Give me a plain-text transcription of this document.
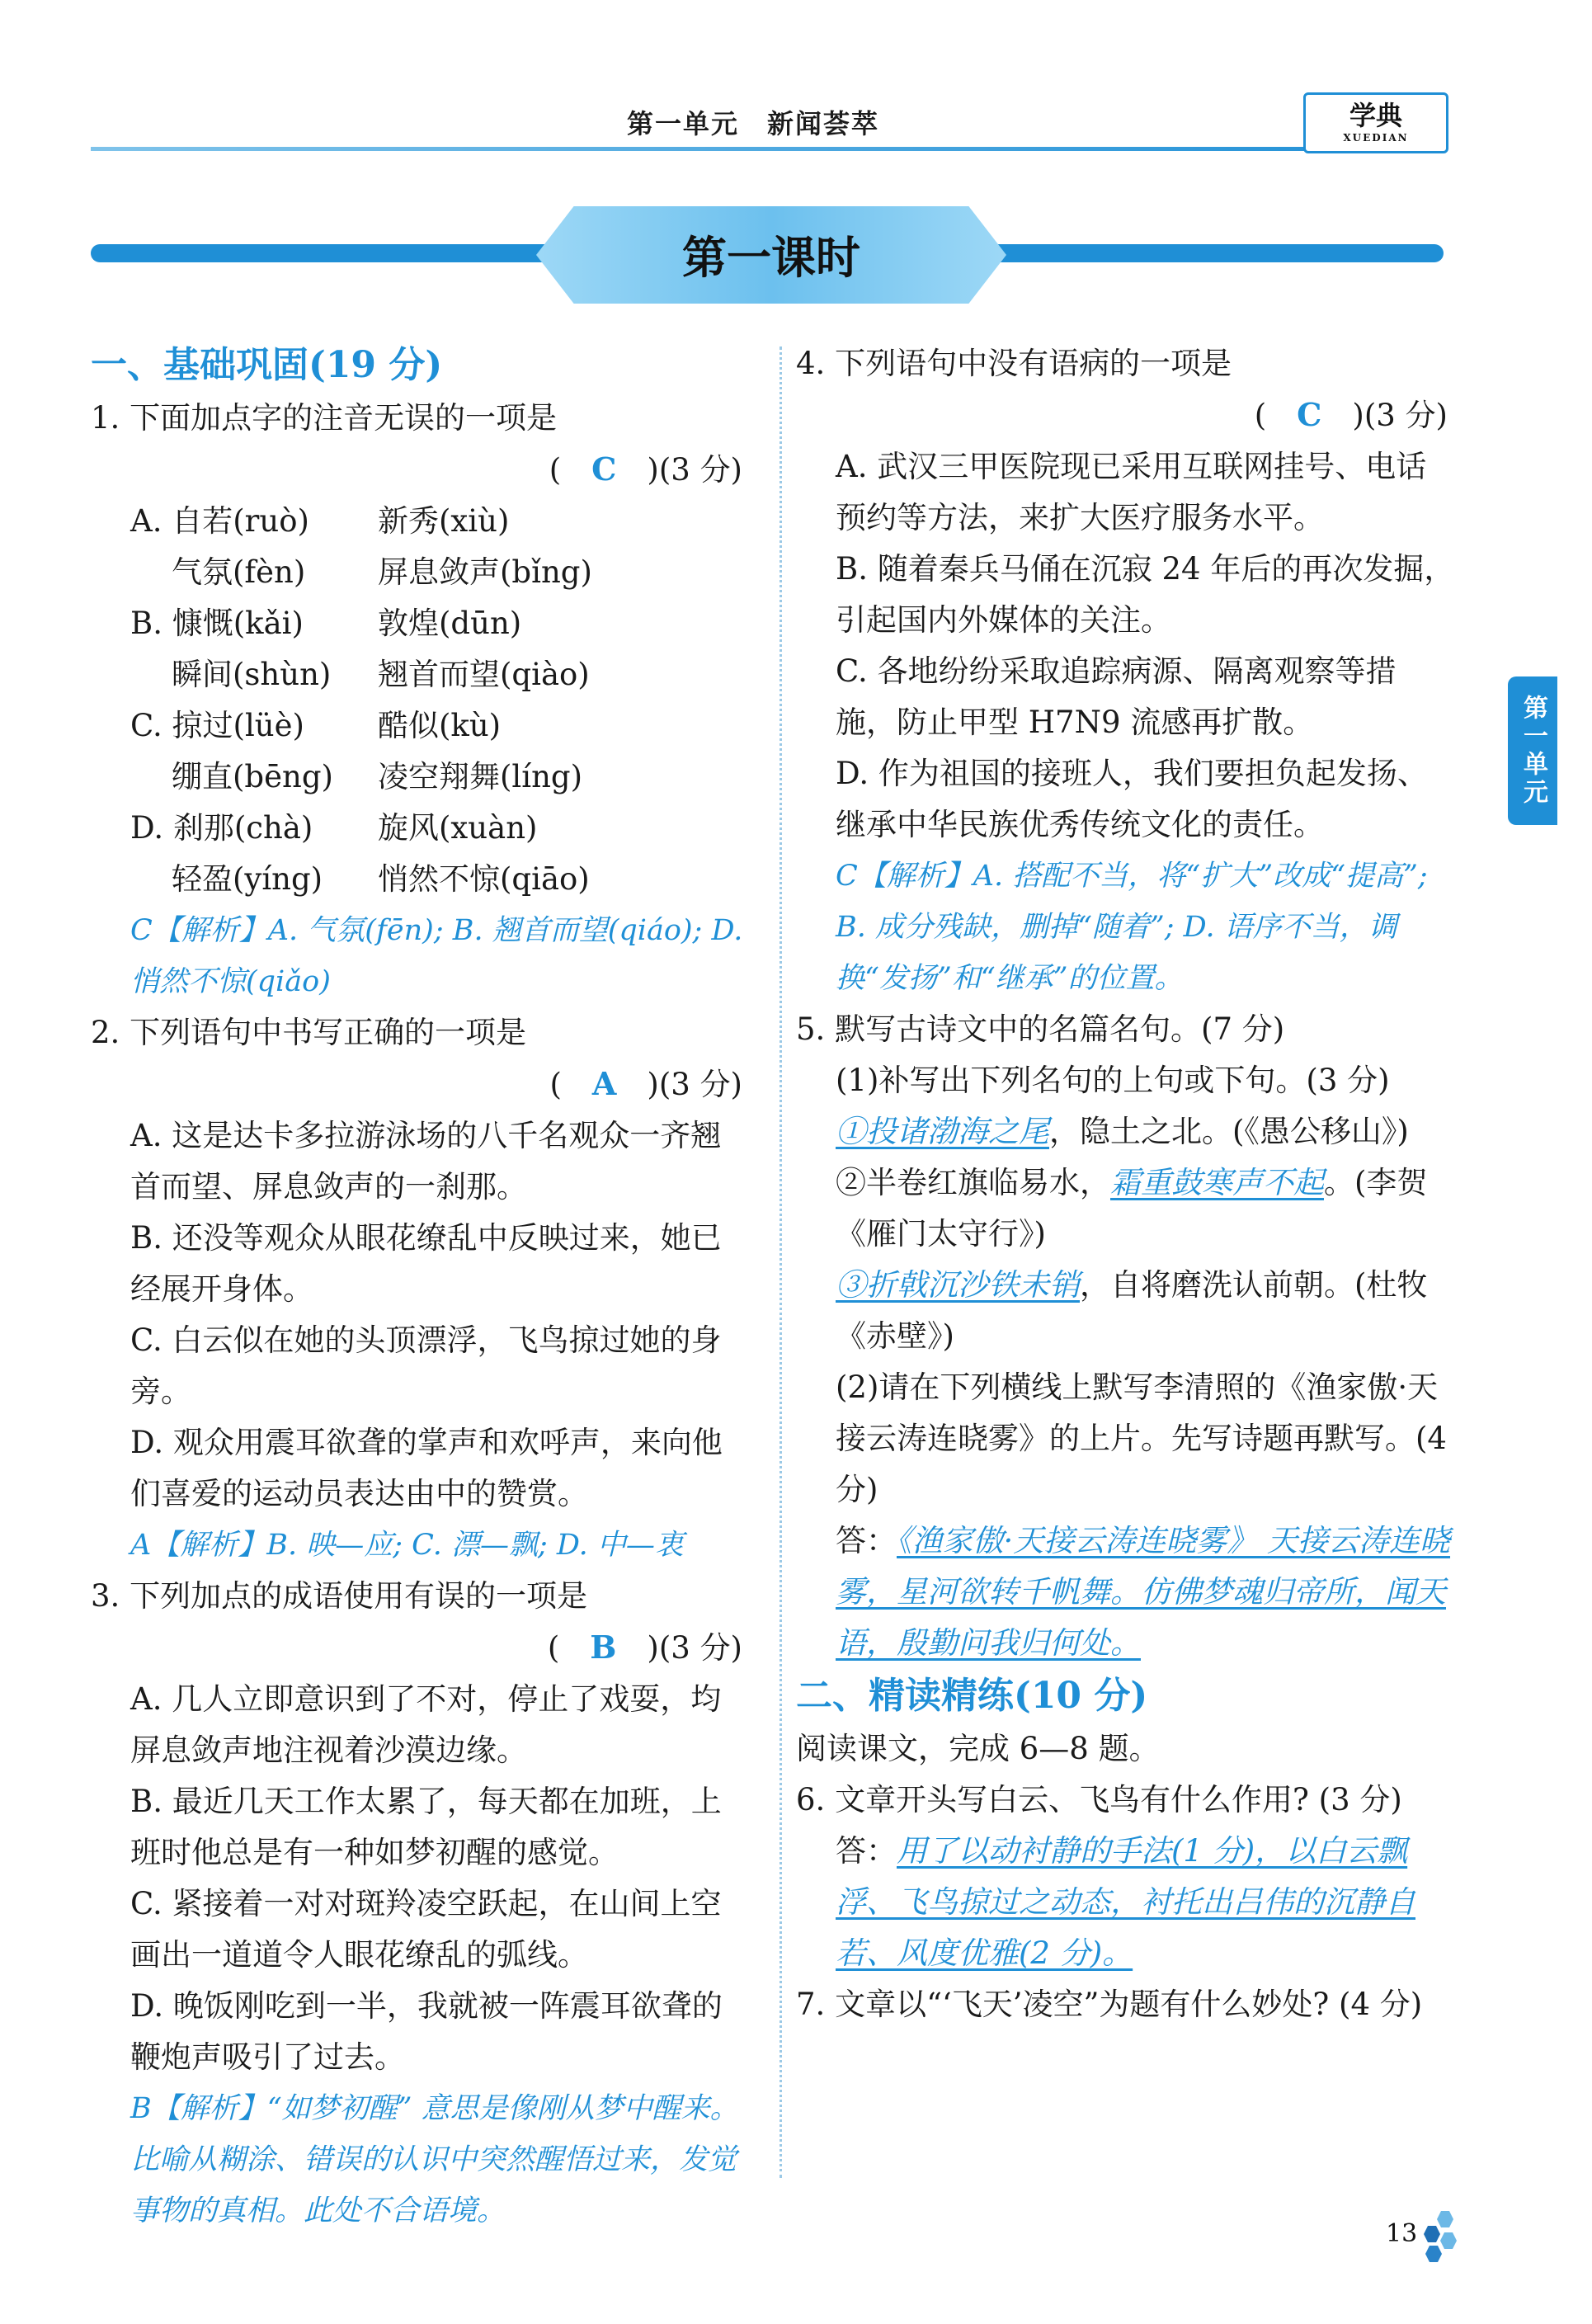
第一单元　新闻荟萃	学典
XUEDIAN
第一课时
第一单元
一、基础巩固(19 分)
1. 下面加点字的注音无误的一项是
(　C　 )(3 分)
A. 自若(ruò)	新秀(xiù)
气氛(fèn)	屏息敛声(bǐng)
B. 慷慨(kǎi)	敦煌(dūn)
瞬间(shùn)	翘首而望(qiào)
C. 掠过(lüè)	酷似(kù)
绷直(bēng)	凌空翔舞(líng)
D. 刹那(chà)	旋风(xuàn)
轻盈(yíng)	悄然不惊(qiāo)
C【解析】A. 气氛(fēn); B. 翘首而望(qiáo); D. 悄然不惊(qiǎo)
2. 下列语句中书写正确的一项是
(　A　 )(3 分)
A. 这是达卡多拉游泳场的八千名观众一齐翘首而望、屏息敛声的一刹那。
B. 还没等观众从眼花缭乱中反映过来，她已经展开身体。
C. 白云似在她的头顶漂浮，飞鸟掠过她的身旁。
D. 观众用震耳欲聋的掌声和欢呼声，来向他们喜爱的运动员表达由中的赞赏。
A【解析】B. 映—应; C. 漂—飘; D. 中—衷
3. 下列加点的成语使用有误的一项是
(　B　 )(3 分)
A. 几人立即意识到了不对，停止了戏耍，均屏息敛声地注视着沙漠边缘。
B. 最近几天工作太累了，每天都在加班，上班时他总是有一种如梦初醒的感觉。
C. 紧接着一对对斑羚凌空跃起，在山间上空画出一道道令人眼花缭乱的弧线。
D. 晚饭刚吃到一半，我就被一阵震耳欲聋的鞭炮声吸引了过去。
B【解析】“如梦初醒” 意思是像刚从梦中醒来。比喻从糊涂、错误的认识中突然醒悟过来，发觉事物的真相。此处不合语境。
4. 下列语句中没有语病的一项是
(　C　 )(3 分)
A. 武汉三甲医院现已采用互联网挂号、电话预约等方法，来扩大医疗服务水平。
B. 随着秦兵马俑在沉寂 24 年后的再次发掘，引起国内外媒体的关注。
C. 各地纷纷采取追踪病源、隔离观察等措施，防止甲型 H7N9 流感再扩散。
D. 作为祖国的接班人，我们要担负起发扬、继承中华民族优秀传统文化的责任。
C【解析】A. 搭配不当，将“扩大”改成“提高”; B. 成分残缺，删掉“随着”; D. 语序不当，调换“发扬”和“继承”的位置。
5. 默写古诗文中的名篇名句。(7 分)
(1)补写出下列名句的上句或下句。(3 分)
①投诸渤海之尾，隐土之北。(《愚公移山》)
②半卷红旗临易水，霜重鼓寒声不起。(李贺《雁门太守行》)
③折戟沉沙铁未销，自将磨洗认前朝。(杜牧《赤壁》)
(2)请在下列横线上默写李清照的《渔家傲·天接云涛连晓雾》的上片。先写诗题再默写。(4 分)
答：《渔家傲·天接云涛连晓雾》 天接云涛连晓雾，星河欲转千帆舞。仿佛梦魂归帝所，闻天语，殷勤问我归何处。
二、精读精练(10 分)
阅读课文，完成 6—8 题。
6. 文章开头写白云、飞鸟有什么作用? (3 分)
答：用了以动衬静的手法(1 分)，以白云飘浮、飞鸟掠过之动态，衬托出吕伟的沉静自若、风度优雅(2 分)。
7. 文章以“‘飞天’凌空”为题有什么妙处? (4 分)
13
